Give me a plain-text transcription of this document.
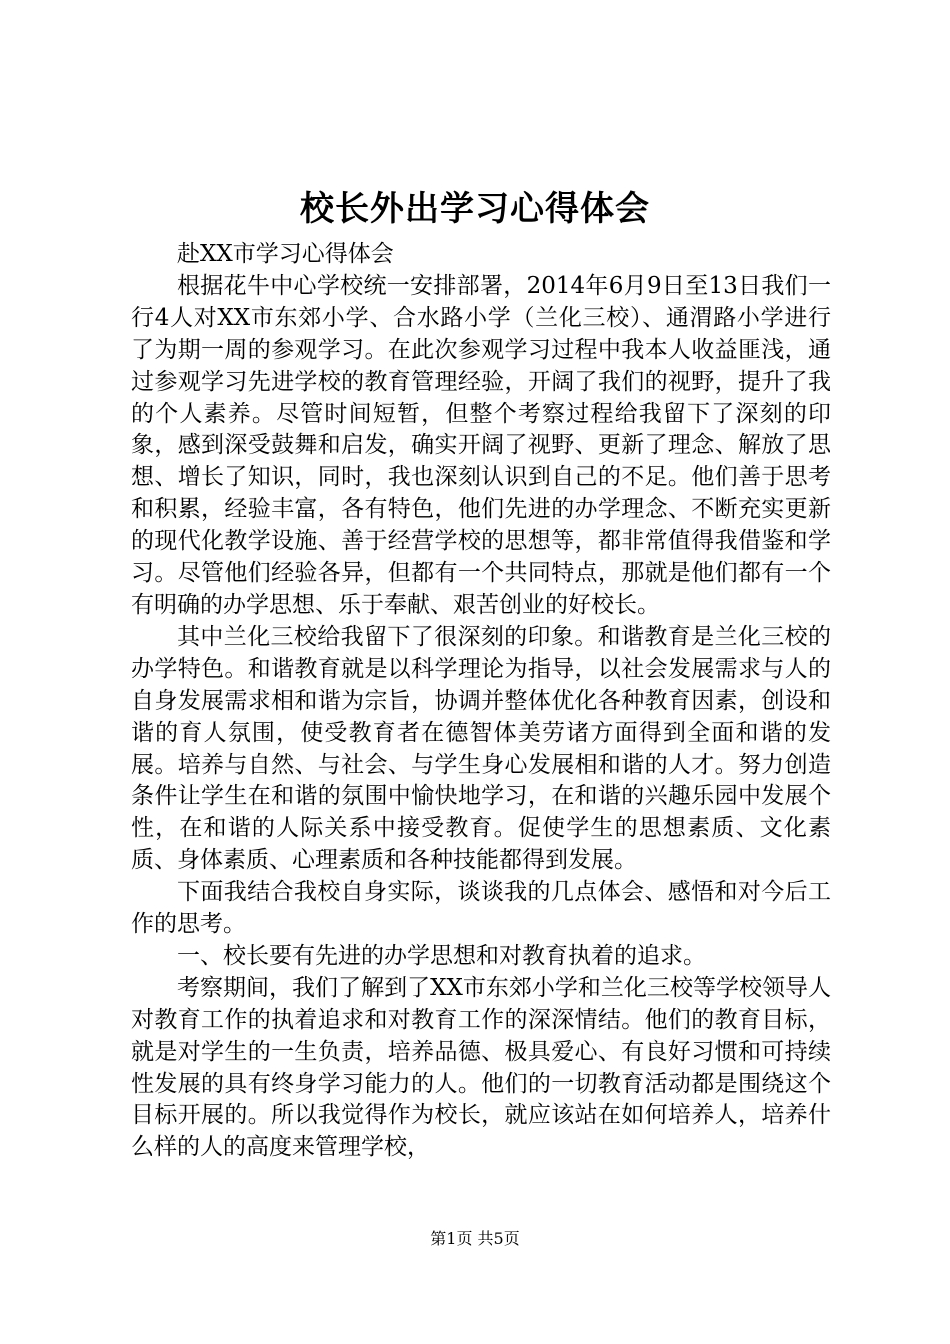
校长外出学习心得体会

赴XX市学习心得体会

根据花牛中心学校统一安排部署，2014年6月9日至13日我们一行4人对XX市东郊小学、合水路小学（兰化三校）、通渭路小学进行了为期一周的参观学习。在此次参观学习过程中我本人收益匪浅，通过参观学习先进学校的教育管理经验，开阔了我们的视野，提升了我的个人素养。尽管时间短暂，但整个考察过程给我留下了深刻的印象，感到深受鼓舞和启发，确实开阔了视野、更新了理念、解放了思想、增长了知识，同时，我也深刻认识到自己的不足。他们善于思考和积累，经验丰富，各有特色，他们先进的办学理念、不断充实更新的现代化教学设施、善于经营学校的思想等，都非常值得我借鉴和学习。尽管他们经验各异，但都有一个共同特点，那就是他们都有一个有明确的办学思想、乐于奉献、艰苦创业的好校长。

其中兰化三校给我留下了很深刻的印象。和谐教育是兰化三校的办学特色。和谐教育就是以科学理论为指导，以社会发展需求与人的自身发展需求相和谐为宗旨，协调并整体优化各种教育因素，创设和谐的育人氛围，使受教育者在德智体美劳诸方面得到全面和谐的发展。培养与自然、与社会、与学生身心发展相和谐的人才。努力创造条件让学生在和谐的氛围中愉快地学习，在和谐的兴趣乐园中发展个性，在和谐的人际关系中接受教育。促使学生的思想素质、文化素质、身体素质、心理素质和各种技能都得到发展。

下面我结合我校自身实际，谈谈我的几点体会、感悟和对今后工作的思考。

一、校长要有先进的办学思想和对教育执着的追求。

考察期间，我们了解到了XX市东郊小学和兰化三校等学校领导人对教育工作的执着追求和对教育工作的深深情结。他们的教育目标，就是对学生的一生负责，培养品德、极具爱心、有良好习惯和可持续性发展的具有终身学习能力的人。他们的一切教育活动都是围绕这个目标开展的。所以我觉得作为校长，就应该站在如何培养人，培养什么样的人的高度来管理学校，

第1页 共5页
